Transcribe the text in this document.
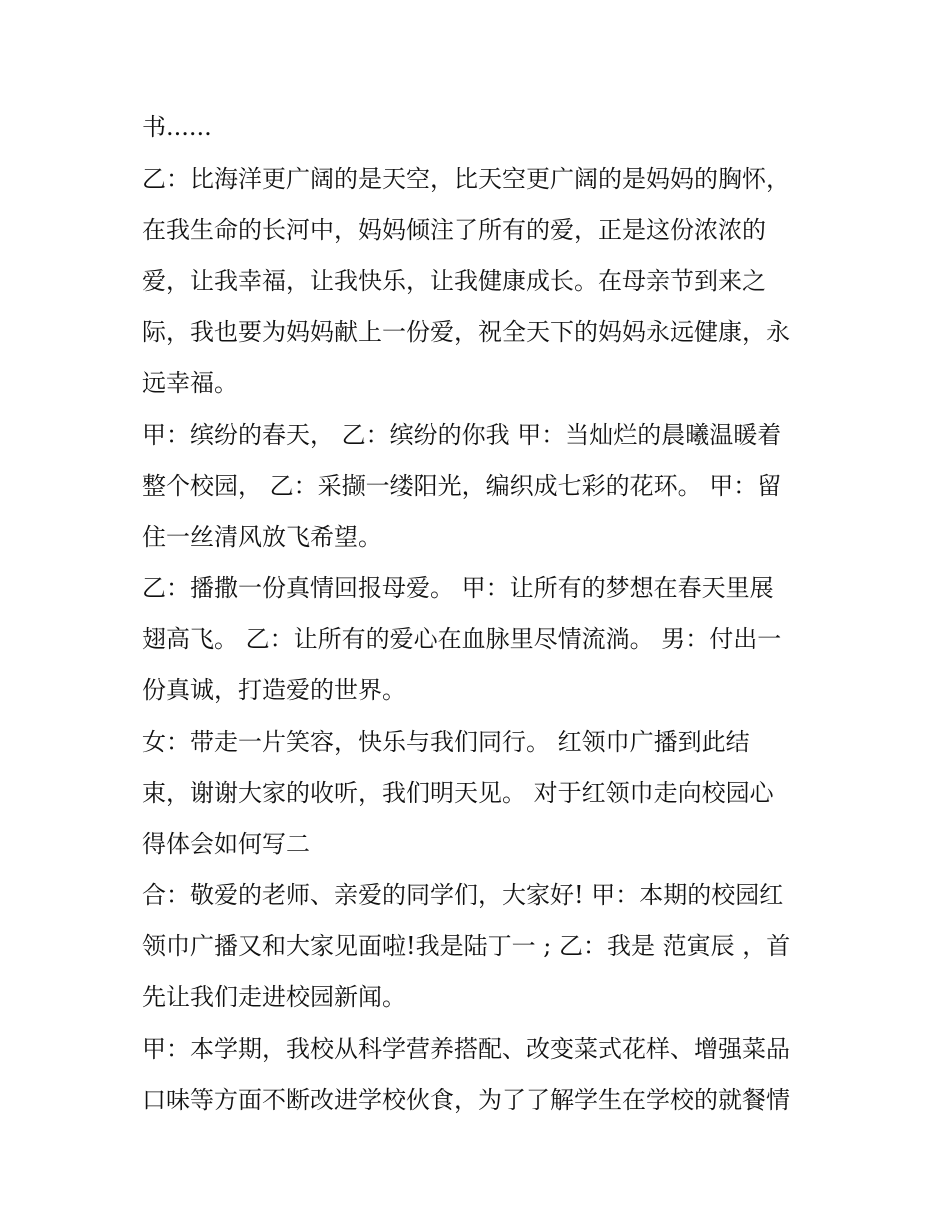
书......

乙：比海洋更广阔的是天空，比天空更广阔的是妈妈的胸怀，

在我生命的长河中，妈妈倾注了所有的爱，正是这份浓浓的

爱，让我幸福，让我快乐，让我健康成长。在母亲节到来之

际，我也要为妈妈献上一份爱，祝全天下的妈妈永远健康，永

远幸福。

甲：缤纷的春天， 乙：缤纷的你我 甲：当灿烂的晨曦温暖着

整个校园， 乙：采撷一缕阳光，编织成七彩的花环。 甲：留

住一丝清风放飞希望。

乙：播撒一份真情回报母爱。 甲：让所有的梦想在春天里展

翅高飞。 乙：让所有的爱心在血脉里尽情流淌。 男：付出一

份真诚，打造爱的世界。

女：带走一片笑容，快乐与我们同行。 红领巾广播到此结

束，谢谢大家的收听，我们明天见。 对于红领巾走向校园心

得体会如何写二

合：敬爱的老师、亲爱的同学们，大家好! 甲：本期的校园红

领巾广播又和大家见面啦!我是陆丁一 ; 乙：我是 范寅辰 ，首

先让我们走进校园新闻。

甲：本学期，我校从科学营养搭配、改变菜式花样、增强菜品

口味等方面不断改进学校伙食，为了了解学生在学校的就餐情
